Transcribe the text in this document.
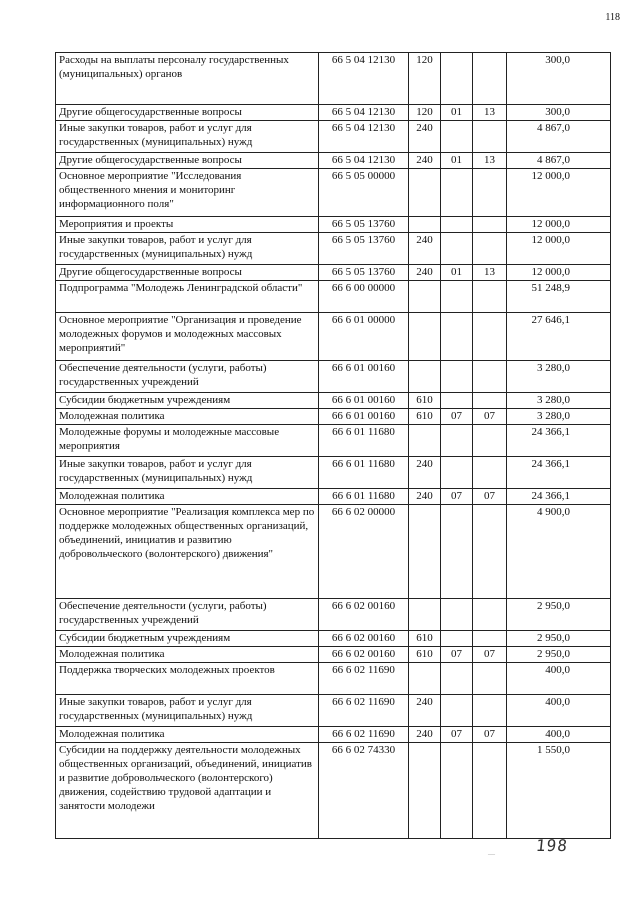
118
Расходы на выплаты персоналу государственных (муниципальных) органов	66 5 04 12130	120			300,0
Другие общегосударственные вопросы	66 5 04 12130	120	01	13	300,0
Иные закупки товаров, работ и услуг для государственных (муниципальных) нужд	66 5 04 12130	240			4 867,0
Другие общегосударственные вопросы	66 5 04 12130	240	01	13	4 867,0
Основное мероприятие "Исследования общественного мнения и мониторинг информационного поля"	66 5 05 00000				12 000,0
Мероприятия и проекты	66 5 05 13760				12 000,0
Иные закупки товаров, работ и услуг для государственных (муниципальных) нужд	66 5 05 13760	240			12 000,0
Другие общегосударственные вопросы	66 5 05 13760	240	01	13	12 000,0
Подпрограмма "Молодежь Ленинградской области"	66 6 00 00000				51 248,9
Основное мероприятие "Организация и проведение молодежных форумов и молодежных массовых мероприятий"	66 6 01 00000				27 646,1
Обеспечение деятельности (услуги, работы) государственных учреждений	66 6 01 00160				3 280,0
Субсидии бюджетным учреждениям	66 6 01 00160	610			3 280,0
Молодежная политика	66 6 01 00160	610	07	07	3 280,0
Молодежные форумы и молодежные массовые мероприятия	66 6 01 11680				24 366,1
Иные закупки товаров, работ и услуг для государственных (муниципальных) нужд	66 6 01 11680	240			24 366,1
Молодежная политика	66 6 01 11680	240	07	07	24 366,1
Основное мероприятие "Реализация комплекса мер по поддержке молодежных общественных организаций, объединений, инициатив и развитию добровольческого (волонтерского) движения"	66 6 02 00000				4 900,0
Обеспечение деятельности (услуги, работы) государственных учреждений	66 6 02 00160				2 950,0
Субсидии бюджетным учреждениям	66 6 02 00160	610			2 950,0
Молодежная политика	66 6 02 00160	610	07	07	2 950,0
Поддержка творческих молодежных проектов	66 6 02 11690				400,0
Иные закупки товаров, работ и услуг для государственных (муниципальных) нужд	66 6 02 11690	240			400,0
Молодежная политика	66 6 02 11690	240	07	07	400,0
Субсидии на поддержку деятельности молодежных общественных организаций, объединений, инициатив и развитие добровольческого (волонтерского) движения, содействию трудовой адаптации и занятости молодежи	66 6 02 74330				1 550,0
—	198
